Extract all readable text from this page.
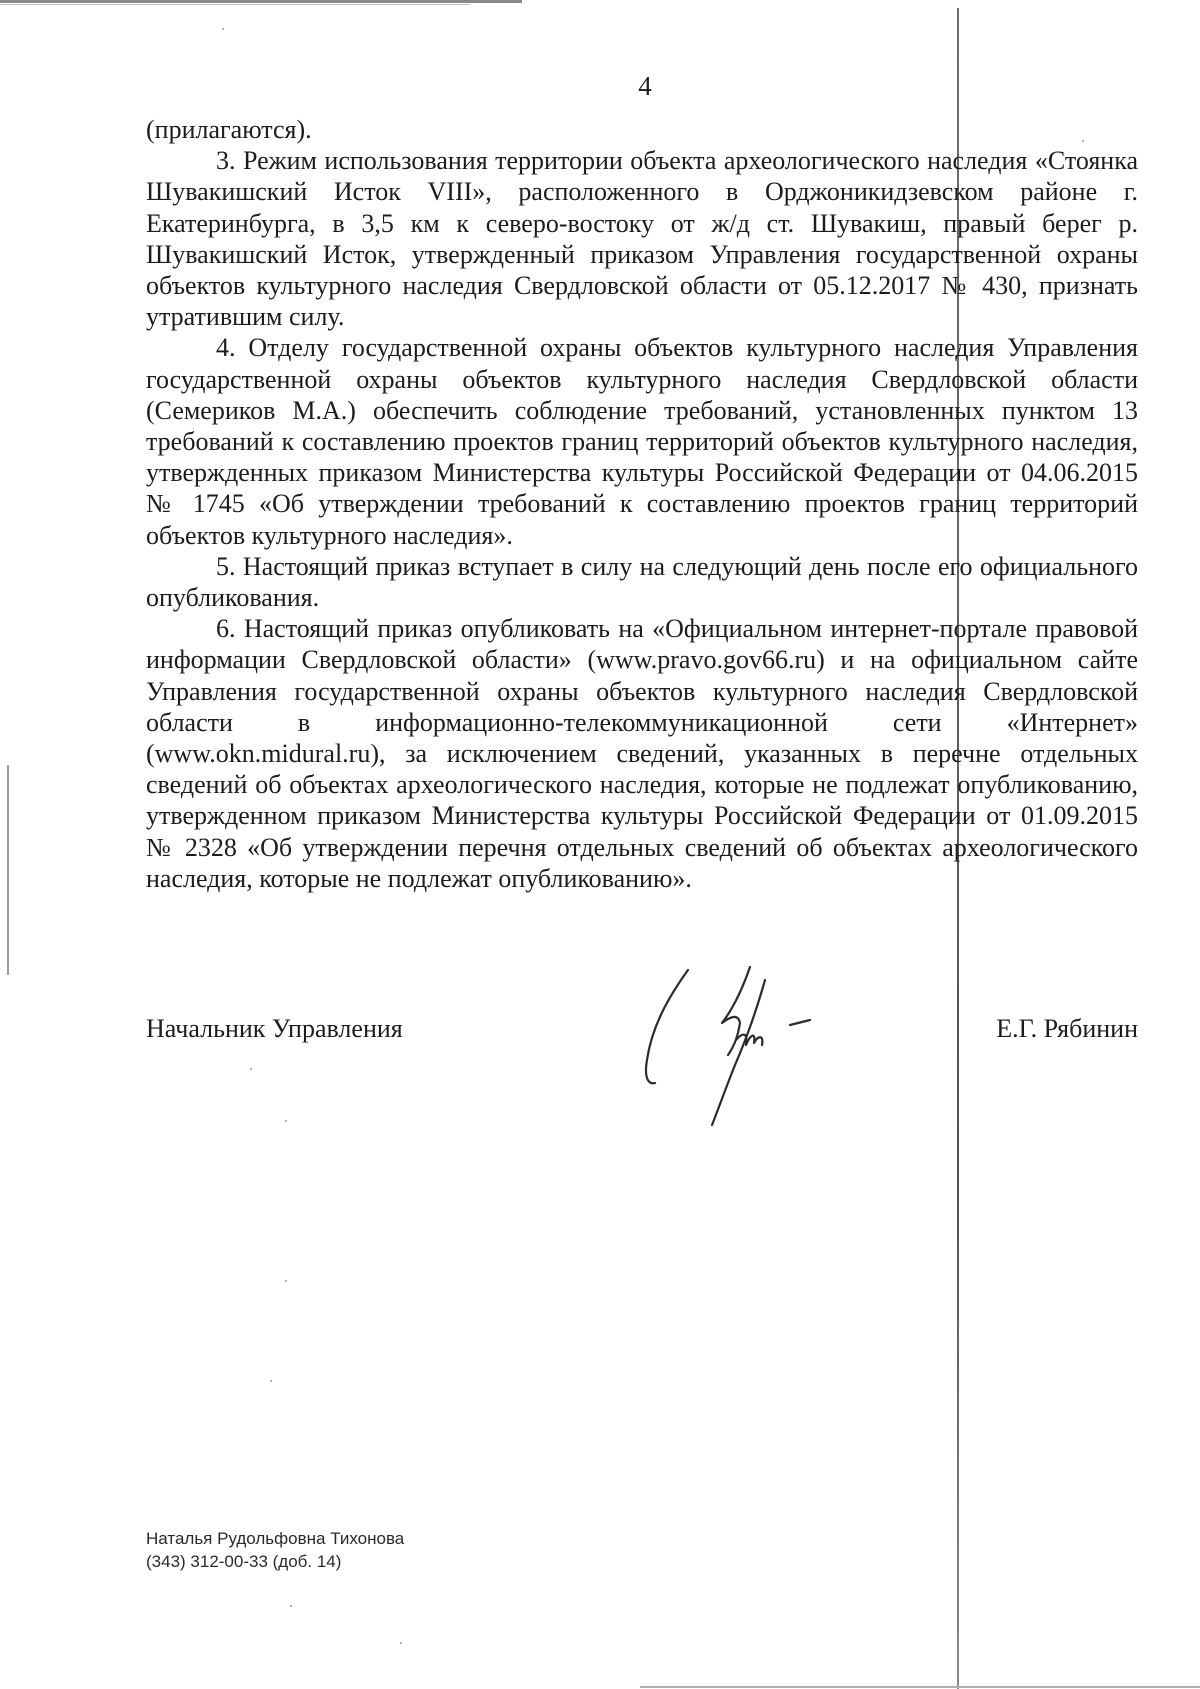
4

(прилагаются).

3. Режим использования территории объекта археологического наследия «Стоянка Шувакишский Исток VIII», расположенного в Орджоникидзевском районе г. Екатеринбурга, в 3,5 км к северо-востоку от ж/д ст. Шувакиш, правый берег р. Шувакишский Исток, утвержденный приказом Управления государственной охраны объектов культурного наследия Свердловской области от 05.12.2017 № 430, признать утратившим силу.

4. Отделу государственной охраны объектов культурного наследия Управления государственной охраны объектов культурного наследия Свердловской области (Семериков М.А.) обеспечить соблюдение требований, установленных пунктом 13 требований к составлению проектов границ территорий объектов культурного наследия, утвержденных приказом Министерства культуры Российской Федерации от 04.06.2015 № 1745 «Об утверждении требований к составлению проектов границ территорий объектов культурного наследия».

5. Настоящий приказ вступает в силу на следующий день после его официального опубликования.

6. Настоящий приказ опубликовать на «Официальном интернет-портале правовой информации Свердловской области» (www.pravo.gov66.ru) и на официальном сайте Управления государственной охраны объектов культурного наследия Свердловской области в информационно-телекоммуникационной сети «Интернет» (www.okn.midural.ru), за исключением сведений, указанных в перечне отдельных сведений об объектах археологического наследия, которые не подлежат опубликованию, утвержденном приказом Министерства культуры Российской Федерации от 01.09.2015 № 2328 «Об утверждении перечня отдельных сведений об объектах археологического наследия, которые не подлежат опубликованию».

Начальник Управления	Е.Г. Рябинин
Наталья Рудольфовна Тихонова
(343) 312-00-33 (доб. 14)
